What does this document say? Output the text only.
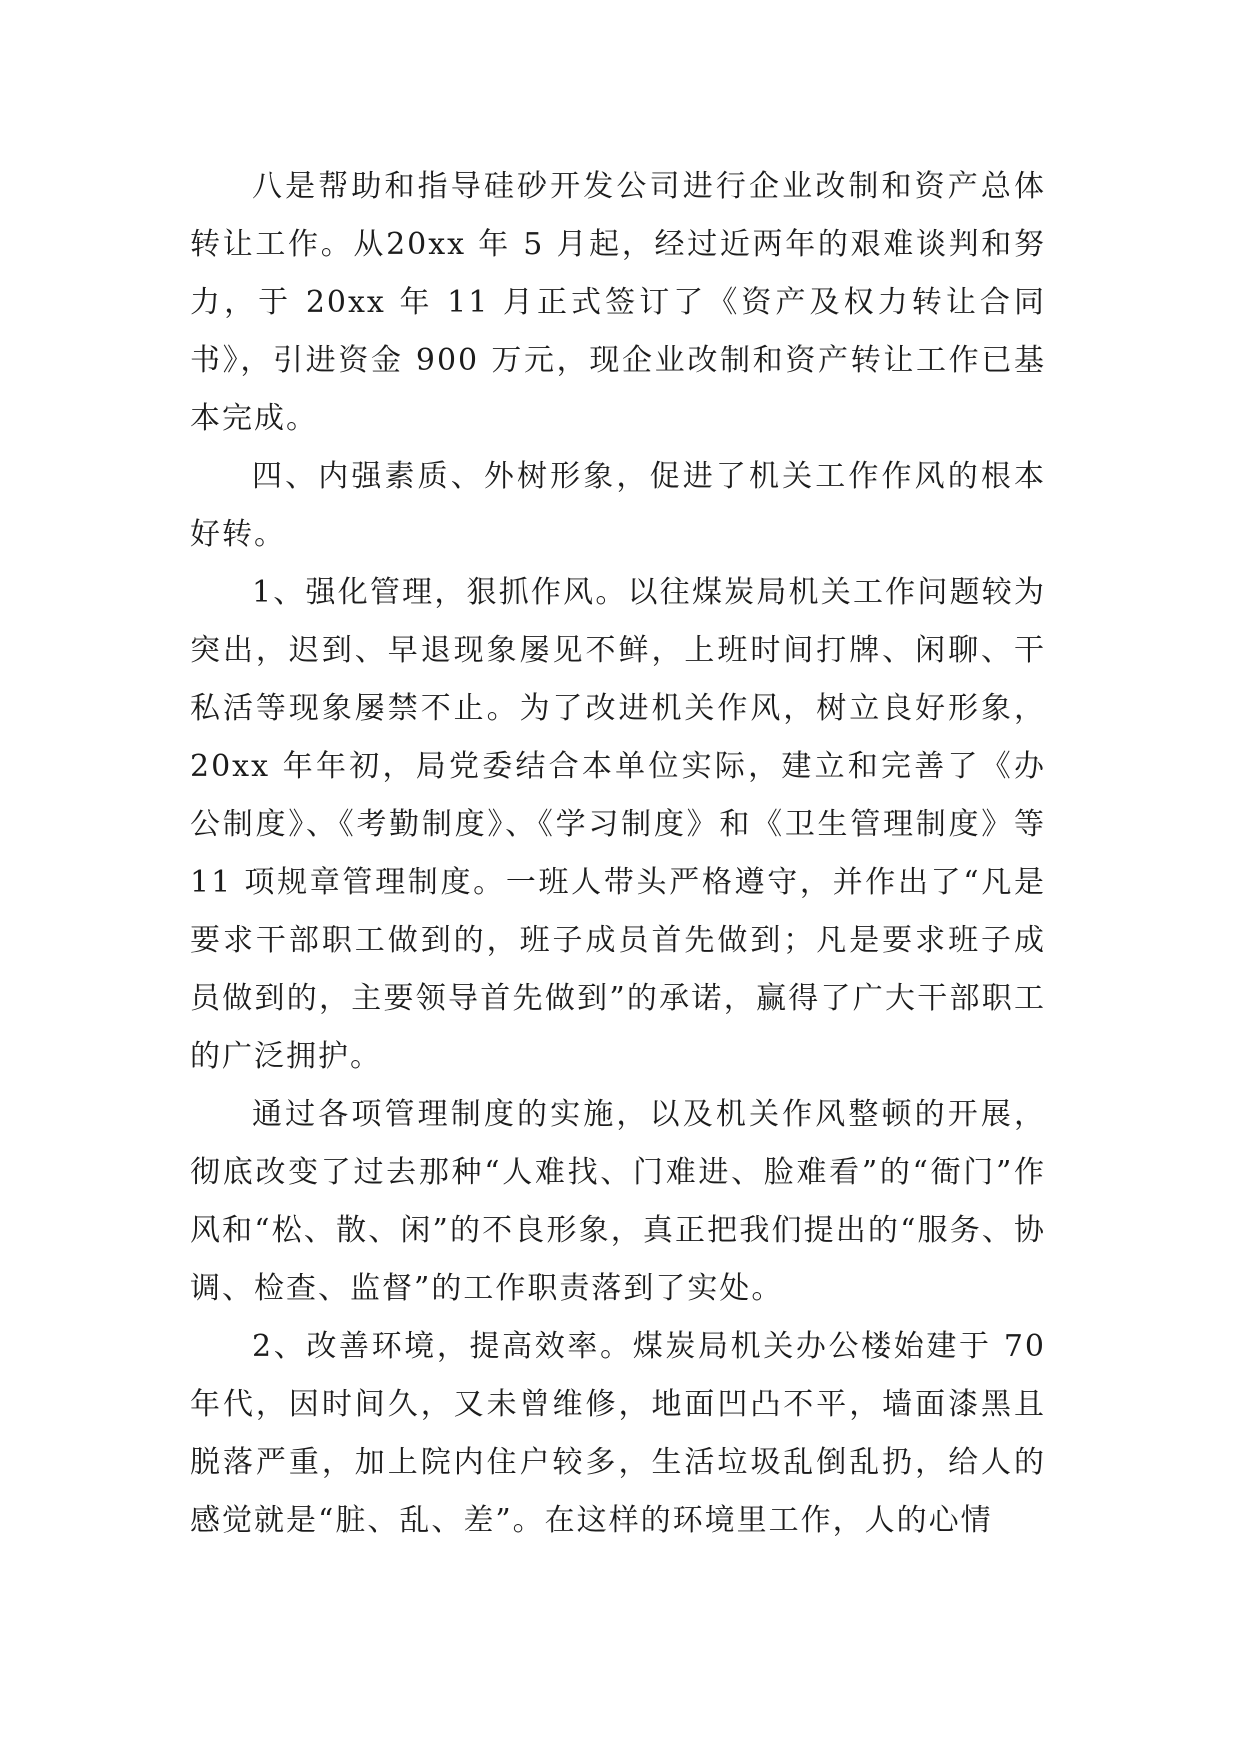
八是帮助和指导硅砂开发公司进行企业改制和资产总体转让工作。从20xx 年 5 月起，经过近两年的艰难谈判和努力，于 20xx 年 11 月正式签订了《资产及权力转让合同书》，引进资金 900 万元，现企业改制和资产转让工作已基本完成。

四、内强素质、外树形象，促进了机关工作作风的根本好转。

1、强化管理，狠抓作风。以往煤炭局机关工作问题较为突出，迟到、早退现象屡见不鲜，上班时间打牌、闲聊、干私活等现象屡禁不止。为了改进机关作风，树立良好形象，20xx 年年初，局党委结合本单位实际，建立和完善了《办公制度》、《考勤制度》、《学习制度》和《卫生管理制度》等 11 项规章管理制度。一班人带头严格遵守，并作出了“凡是要求干部职工做到的，班子成员首先做到；凡是要求班子成员做到的，主要领导首先做到”的承诺，赢得了广大干部职工的广泛拥护。

通过各项管理制度的实施，以及机关作风整顿的开展，彻底改变了过去那种“人难找、门难进、脸难看”的“衙门”作风和“松、散、闲”的不良形象，真正把我们提出的“服务、协调、检查、监督”的工作职责落到了实处。

2、改善环境，提高效率。煤炭局机关办公楼始建于 70年代，因时间久，又未曾维修，地面凹凸不平，墙面漆黑且脱落严重，加上院内住户较多，生活垃圾乱倒乱扔，给人的感觉就是“脏、乱、差”。在这样的环境里工作，人的心情
